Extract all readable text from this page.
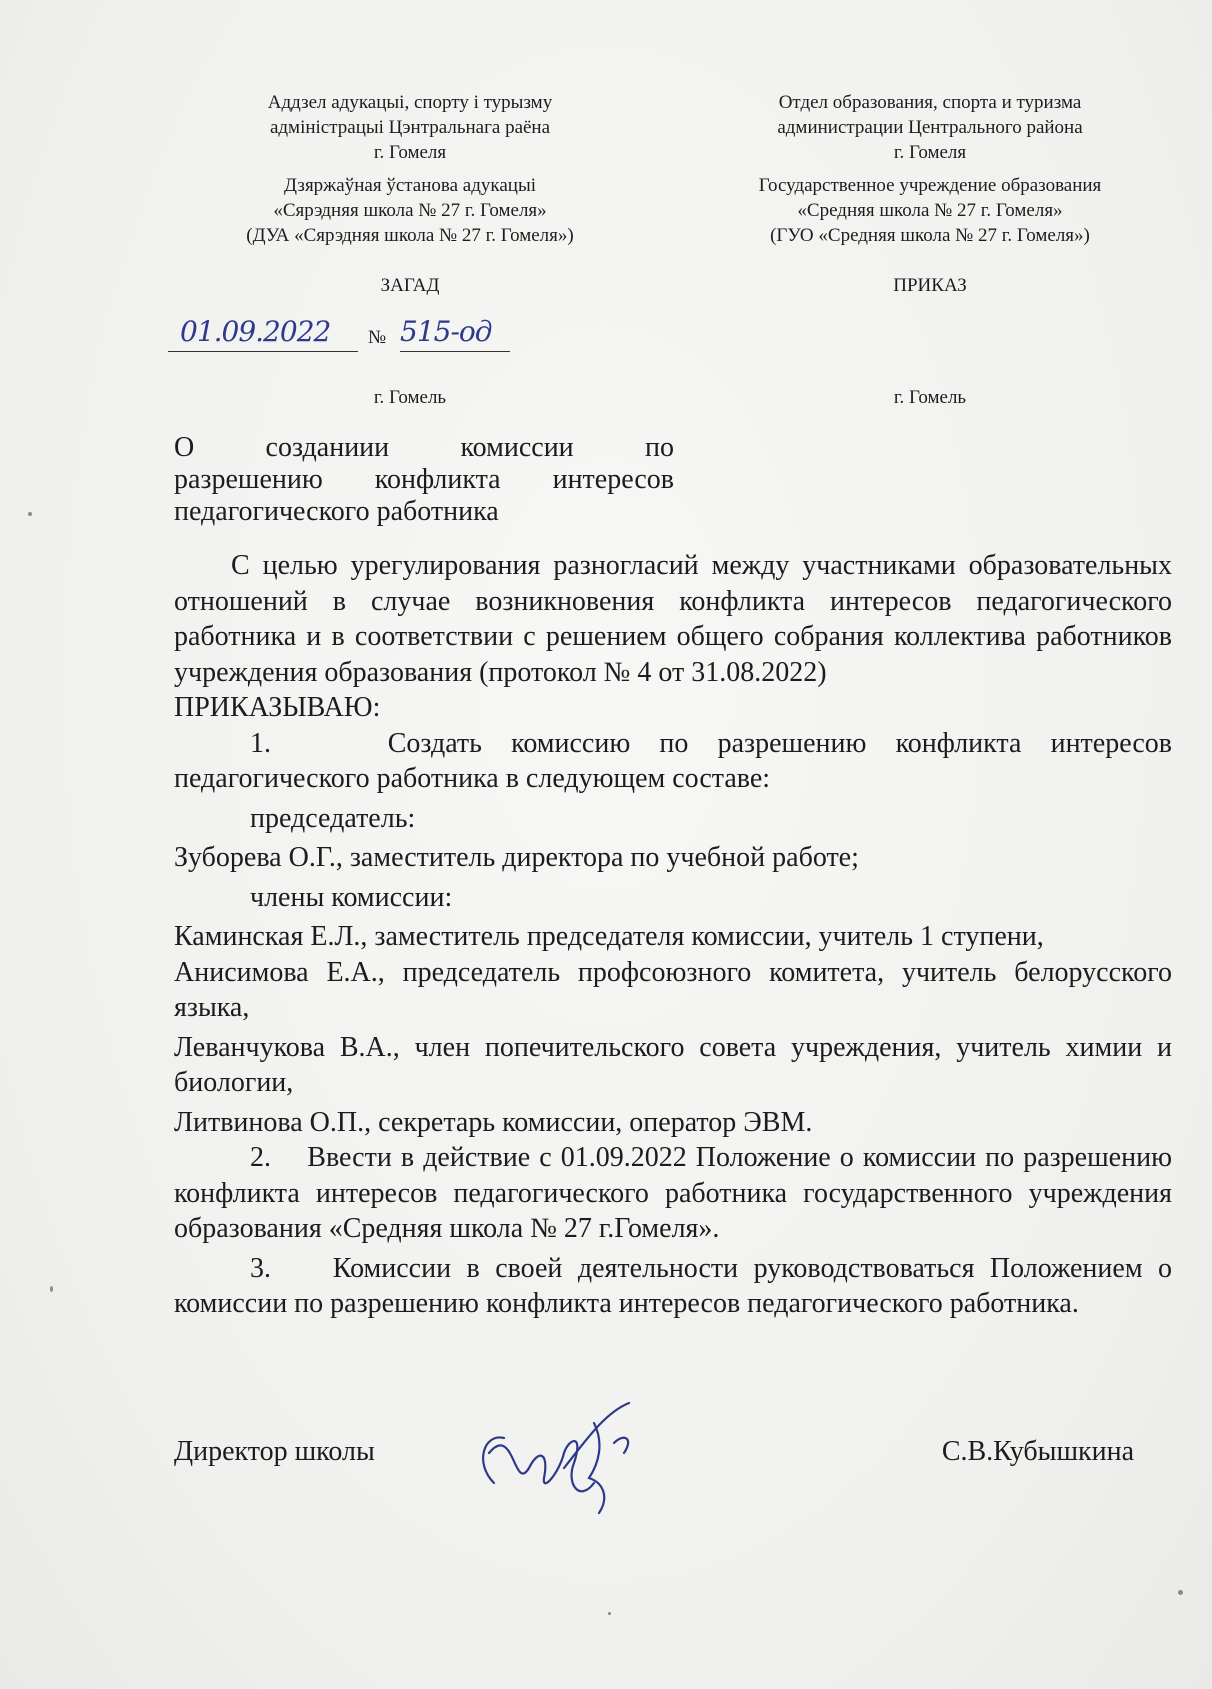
Аддзел адукацыі, спорту і турызму
адміністрацыі Цэнтральнага раёна
г. Гомеля
Дзяржаўная ўстанова адукацыі
«Сярэдняя школа № 27 г. Гомеля»
(ДУА «Сярэдняя школа № 27 г. Гомеля»)
Отдел образования, спорта и туризма
администрации Центрального района
г. Гомеля
Государственное учреждение образования
«Средняя школа № 27 г. Гомеля»
(ГУО «Средняя школа № 27 г. Гомеля»)
ЗАГАД	ПРИКАЗ
01.09.2022 № 515-од
г. Гомель	г. Гомель
О созданиии комиссии по
разрешению конфликта интересов
педагогического работника

С целью урегулирования разногласий между участниками образовательных отношений в случае возникновения конфликта интересов педагогического работника и в соответствии с решением общего собрания коллектива работников учреждения образования (протокол № 4 от 31.08.2022)

ПРИКАЗЫВАЮ:

1.    Создать комиссию по разрешению конфликта интересов педагогического работника в следующем составе:

председатель:

Зуборева О.Г., заместитель директора по учебной работе;

члены комиссии:

Каминская Е.Л., заместитель председателя комиссии, учитель 1 ступени,

Анисимова Е.А., председатель профсоюзного комитета, учитель белорусского языка,

Леванчукова В.А., член попечительского совета учреждения, учитель химии и биологии,

Литвинова О.П., секретарь комиссии, оператор ЭВМ.

2.    Ввести в действие с 01.09.2022 Положение о комиссии по разрешению конфликта интересов педагогического работника государственного учреждения образования «Средняя школа № 27 г.Гомеля».

3.    Комиссии в своей деятельности руководствоваться Положением о комиссии по разрешению конфликта интересов педагогического работника.

Директор школы	С.В.Кубышкина
